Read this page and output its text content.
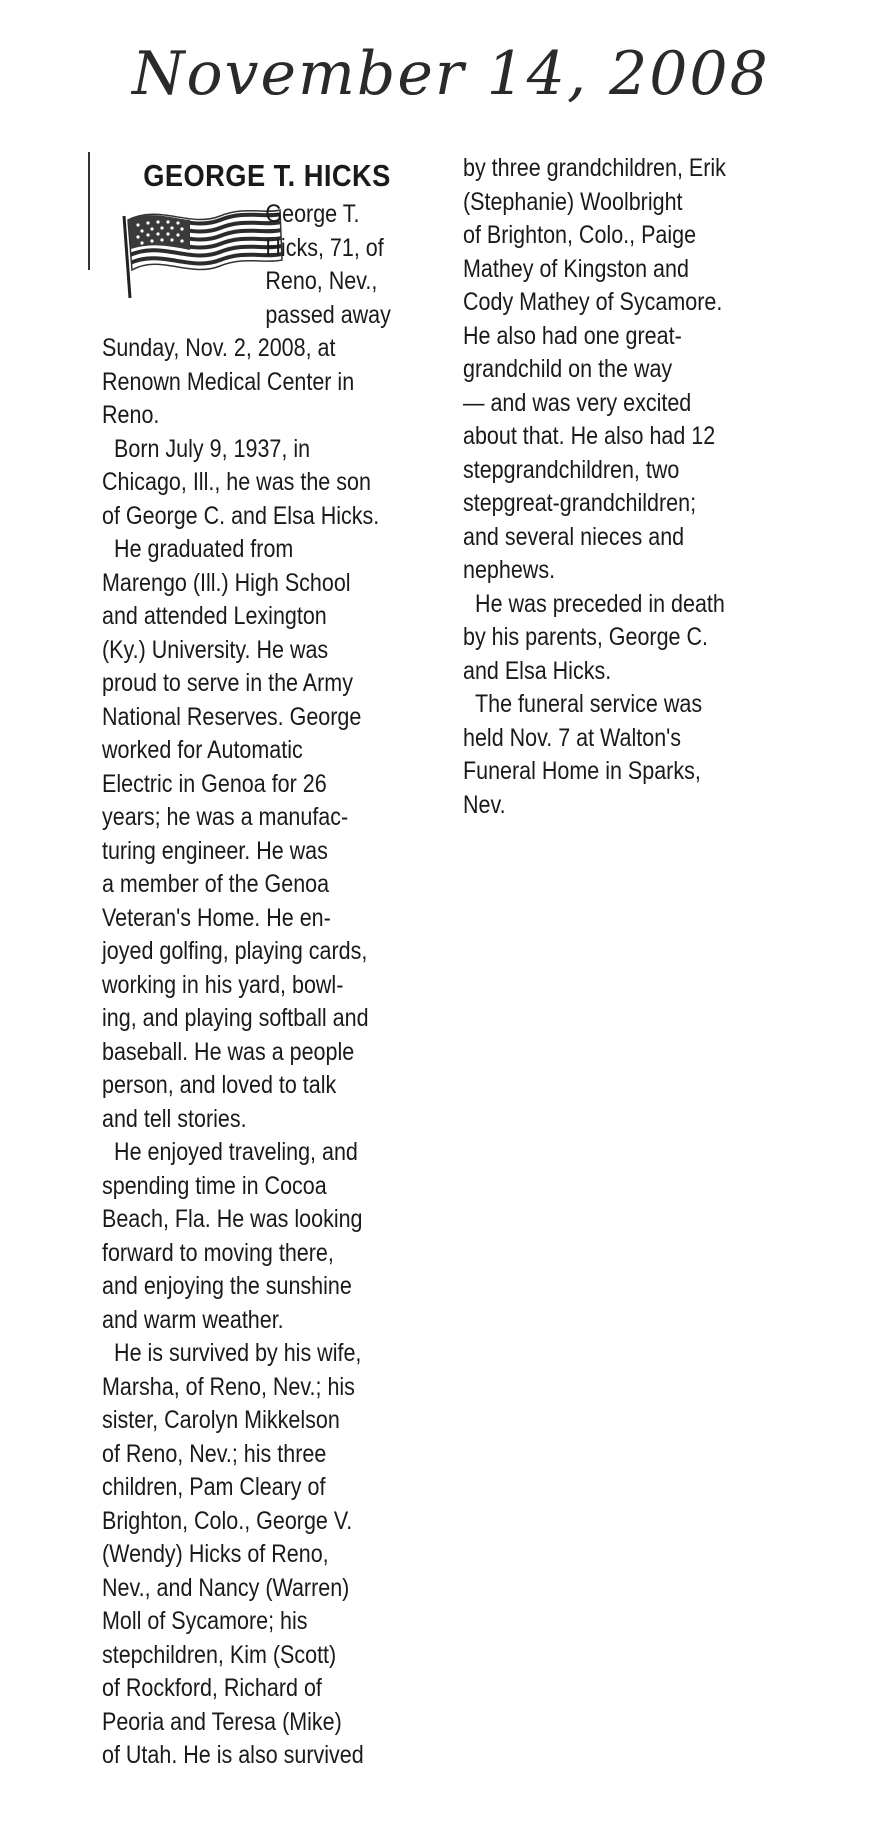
November 14, 2008
GEORGE T. HICKS
George T.
Hicks, 71, of
Reno, Nev.,
passed away
Sunday, Nov. 2, 2008, at
Renown Medical Center in
Reno.
Born July 9, 1937, in
Chicago, Ill., he was the son
of George C. and Elsa Hicks.
He graduated from
Marengo (Ill.) High School
and attended Lexington
(Ky.) University. He was
proud to serve in the Army
National Reserves. George
worked for Automatic
Electric in Genoa for 26
years; he was a manufac-
turing engineer. He was
a member of the Genoa
Veteran's Home. He en-
joyed golfing, playing cards,
working in his yard, bowl-
ing, and playing softball and
baseball. He was a people
person, and loved to talk
and tell stories.
He enjoyed traveling, and
spending time in Cocoa
Beach, Fla. He was looking
forward to moving there,
and enjoying the sunshine
and warm weather.
He is survived by his wife,
Marsha, of Reno, Nev.; his
sister, Carolyn Mikkelson
of Reno, Nev.; his three
children, Pam Cleary of
Brighton, Colo., George V.
(Wendy) Hicks of Reno,
Nev., and Nancy (Warren)
Moll of Sycamore; his
stepchildren, Kim (Scott)
of Rockford, Richard of
Peoria and Teresa (Mike)
of Utah. He is also survived
by three grandchildren, Erik
(Stephanie) Woolbright
of Brighton, Colo., Paige
Mathey of Kingston and
Cody Mathey of Sycamore.
He also had one great-
grandchild on the way
— and was very excited
about that. He also had 12
stepgrandchildren, two
stepgreat-grandchildren;
and several nieces and
nephews.
He was preceded in death
by his parents, George C.
and Elsa Hicks.
The funeral service was
held Nov. 7 at Walton's
Funeral Home in Sparks,
Nev.
